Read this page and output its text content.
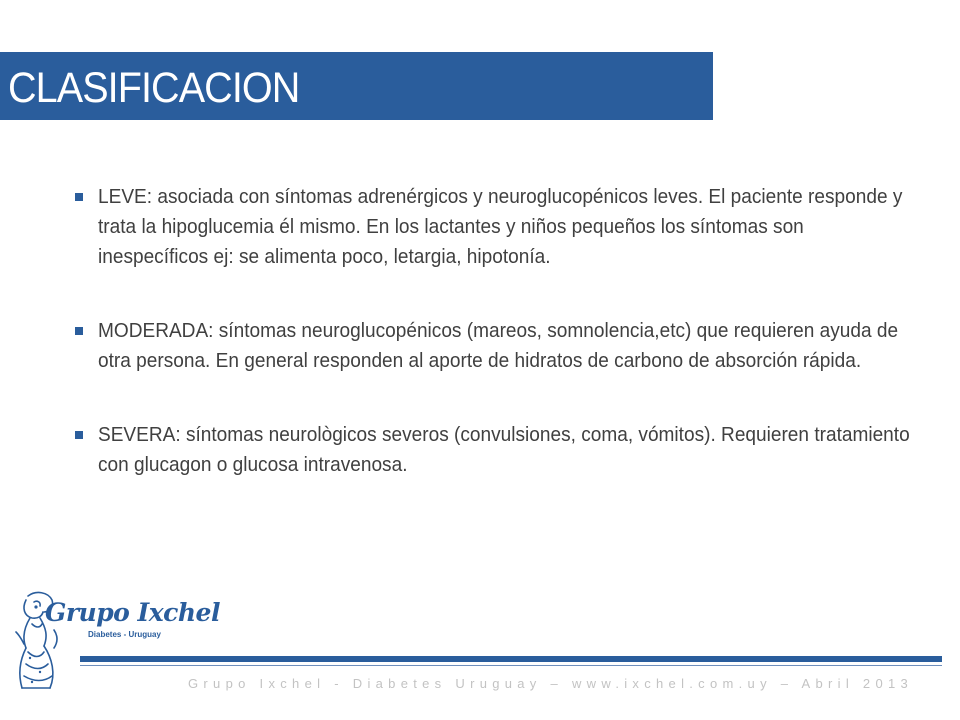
CLASIFICACION
LEVE: asociada con síntomas adrenérgicos y neuroglucopénicos leves. El paciente responde y trata la hipoglucemia él mismo. En los lactantes y niños pequeños los síntomas son inespecíficos ej: se alimenta poco, letargia, hipotonía.
MODERADA: síntomas neuroglucopénicos (mareos, somnolencia,etc) que requieren ayuda de otra persona. En general responden al aporte de hidratos de carbono de absorción rápida.
SEVERA: síntomas neurològicos severos (convulsiones, coma, vómitos). Requieren tratamiento con glucagon o glucosa intravenosa.
Grupo Ixchel
Diabetes - Uruguay
Grupo Ixchel - Diabetes Uruguay – www.ixchel.com.uy – Abril 2013
